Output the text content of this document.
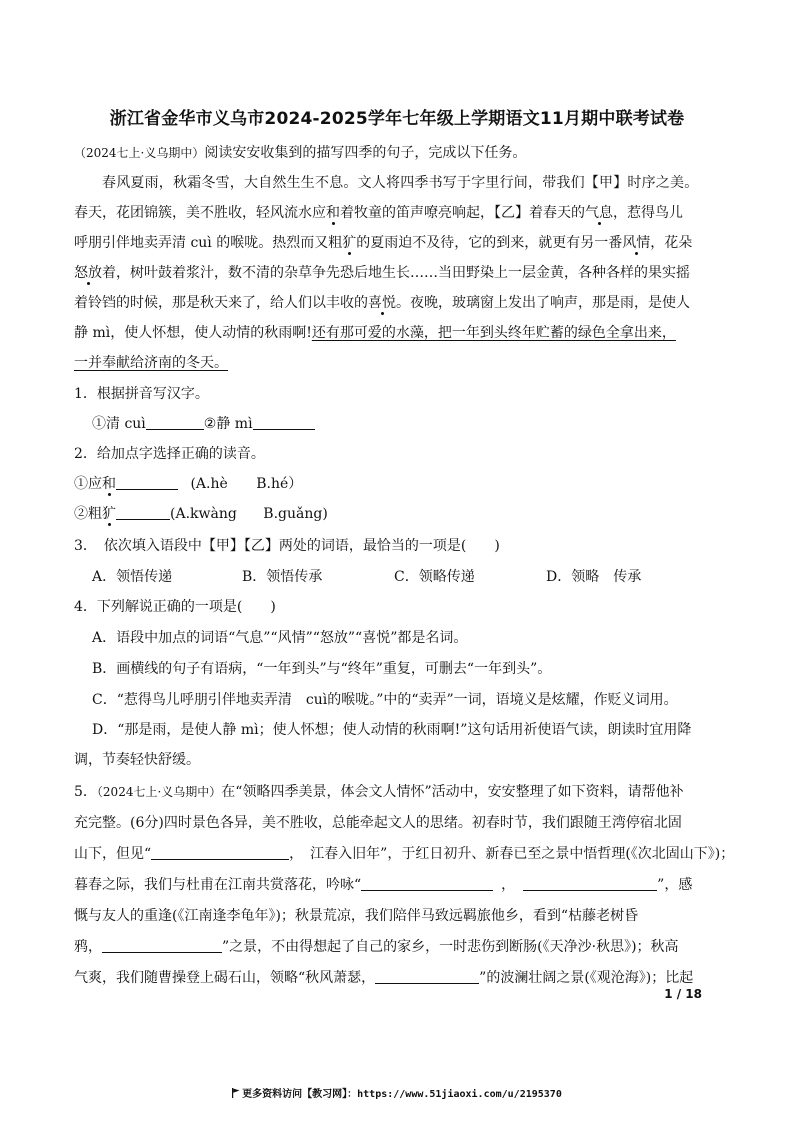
浙江省金华市义乌市2024-2025学年七年级上学期语文11月期中联考试卷
（2024七上·义乌期中）阅读安安收集到的描写四季的句子，完成以下任务。
春风夏雨，秋霜冬雪，大自然生生不息。文人将四季书写于字里行间，带我们【甲】时序之美。
春天，花团锦簇，美不胜收，轻风流水应和着牧童的笛声嘹亮响起，【乙】着春天的气息，惹得鸟儿
呼朋引伴地卖弄清 cuì 的喉咙。热烈而又粗犷的夏雨迫不及待，它的到来，就更有另一番风情，花朵
怒放着，树叶鼓着浆汁，数不清的杂草争先恐后地生长……当田野染上一层金黄，各种各样的果实摇
着铃铛的时候，那是秋天来了，给人们以丰收的喜悦。夜晚，玻璃窗上发出了响声，那是雨，是使人
静 mì，使人怀想，使人动情的秋雨啊!还有那可爱的水藻，把一年到头终年贮蓄的绿色全拿出来，
一并奉献给济南的冬天。
1．根据拼音写汉字。
①清 cuì	②静 mì
2．给加点字选择正确的读音。
①应和	(A.hè B.hé）
②粗犷	(A.kwàng B.guǎng)
3．　依次填入语段中【甲】【乙】两处的词语，最恰当的一项是(　　)
A．领悟传递	B．领悟传承	C．领略传递	D．领略　传承
4．下列解说正确的一项是(　　)
A．语段中加点的词语“气息”“风情”“怒放”“喜悦”都是名词。
B．画横线的句子有语病，“一年到头”与“终年”重复，可删去“一年到头”。
C．“惹得鸟儿呼朋引伴地卖弄清　cuì的喉咙。”中的“卖弄”一词，语境义是炫耀，作贬义词用。
D．“那是雨，是使人静 mì；使人怀想；使人动情的秋雨啊!”这句话用祈使语气读，朗读时宜用降
调，节奏轻快舒缓。
5．（2024七上·义乌期中）在“领略四季美景，体会文人情怀”活动中，安安整理了如下资料，请帮他补
充完整。(6分)四时景色各异，美不胜收，总能牵起文人的思绪。初春时节，我们跟随王湾停宿北固
山下，但见“	，　江春入旧年”，于红日初升、新春已至之景中悟哲理(《次北固山下》)；
暮春之际，我们与杜甫在江南共赏落花，吟咏“	，	”，感
慨与友人的重逢(《江南逢李龟年》)；秋景荒凉，我们陪伴马致远羁旅他乡，看到“枯藤老树昏
鸦，	”之景，不由得想起了自己的家乡，一时悲伤到断肠(《天净沙·秋思》)；秋高
气爽，我们随曹操登上碣石山，领略“秋风萧瑟，	”的波澜壮阔之景(《观沧海》)；比起
1 / 18
更多资料访问【教习网】：https://www.51jiaoxi.com/u/2195370
